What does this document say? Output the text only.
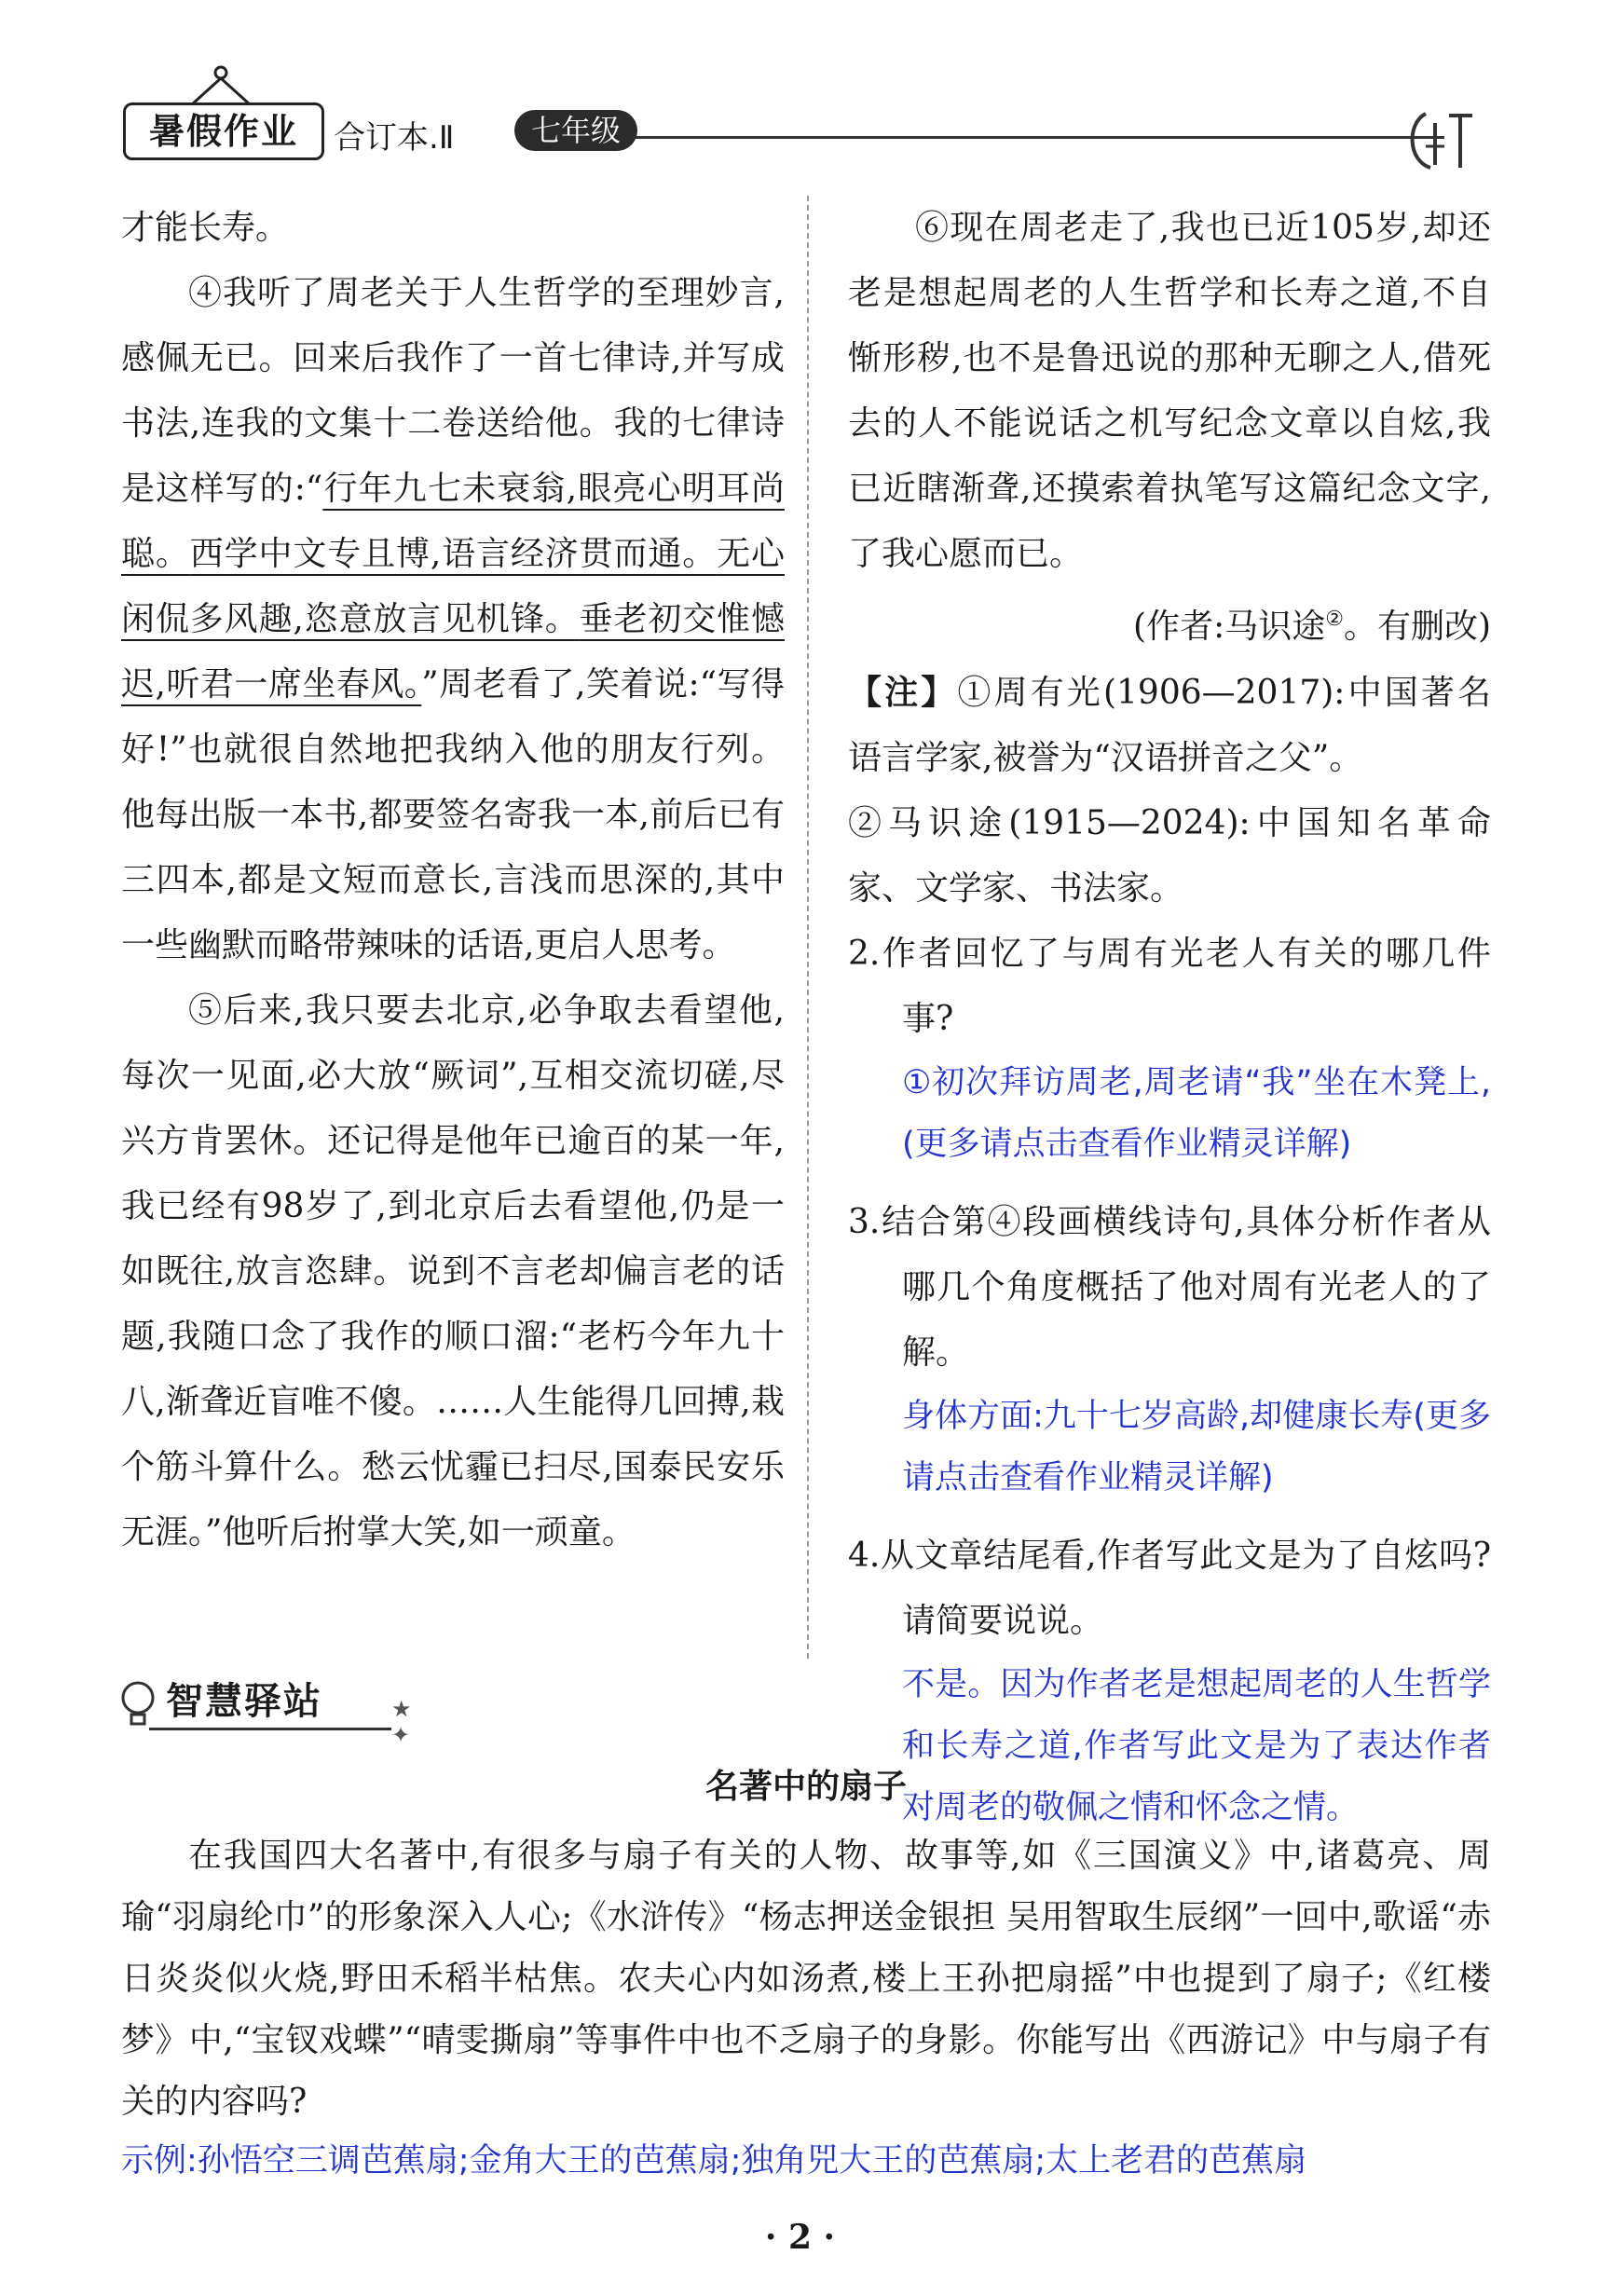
暑假作业	合订本.Ⅱ	七年级

才能长寿。

④我听了周老关于人生哲学的至理妙言,感佩无已。回来后我作了一首七律诗,并写成书法,连我的文集十二卷送给他。我的七律诗是这样写的:“行年九七未衰翁,眼亮心明耳尚聪。西学中文专且博,语言经济贯而通。无心闲侃多风趣,恣意放言见机锋。垂老初交惟憾迟,听君一席坐春风。”周老看了,笑着说:“写得好!”也就很自然地把我纳入他的朋友行列。他每出版一本书,都要签名寄我一本,前后已有三四本,都是文短而意长,言浅而思深的,其中一些幽默而略带辣味的话语,更启人思考。

⑤后来,我只要去北京,必争取去看望他,每次一见面,必大放“厥词”,互相交流切磋,尽兴方肯罢休。还记得是他年已逾百的某一年,我已经有98岁了,到北京后去看望他,仍是一如既往,放言恣肆。说到不言老却偏言老的话题,我随口念了我作的顺口溜:“老朽今年九十八,渐聋近盲唯不傻。……人生能得几回搏,栽个筋斗算什么。愁云忧霾已扫尽,国泰民安乐无涯。”他听后拊掌大笑,如一顽童。

⑥现在周老走了,我也已近105岁,却还老是想起周老的人生哲学和长寿之道,不自惭形秽,也不是鲁迅说的那种无聊之人,借死去的人不能说话之机写纪念文章以自炫,我已近瞎渐聋,还摸索着执笔写这篇纪念文字,了我心愿而已。

(作者:马识途②。有删改)

【注】①周有光(1906—2017):中国著名语言学家,被誉为“汉语拼音之父”。

②马识途(1915—2024):中国知名革命家、文学家、书法家。

2.作者回忆了与周有光老人有关的哪几件事?

①初次拜访周老,周老请“我”坐在木凳上,(更多请点击查看作业精灵详解)

3.结合第④段画横线诗句,具体分析作者从哪几个角度概括了他对周有光老人的了解。

身体方面:九十七岁高龄,却健康长寿(更多请点击查看作业精灵详解)

4.从文章结尾看,作者写此文是为了自炫吗?请简要说说。

不是。因为作者老是想起周老的人生哲学和长寿之道,作者写此文是为了表达作者对周老的敬佩之情和怀念之情。

智慧驿站	★ ✦
名著中的扇子

在我国四大名著中,有很多与扇子有关的人物、故事等,如《三国演义》中,诸葛亮、周瑜“羽扇纶巾”的形象深入人心;《水浒传》“杨志押送金银担 吴用智取生辰纲”一回中,歌谣“赤日炎炎似火烧,野田禾稻半枯焦。农夫心内如汤煮,楼上王孙把扇摇”中也提到了扇子;《红楼梦》中,“宝钗戏蝶”“晴雯撕扇”等事件中也不乏扇子的身影。你能写出《西游记》中与扇子有关的内容吗?

示例:孙悟空三调芭蕉扇;金角大王的芭蕉扇;独角兕大王的芭蕉扇;太上老君的芭蕉扇

· 2 ·
